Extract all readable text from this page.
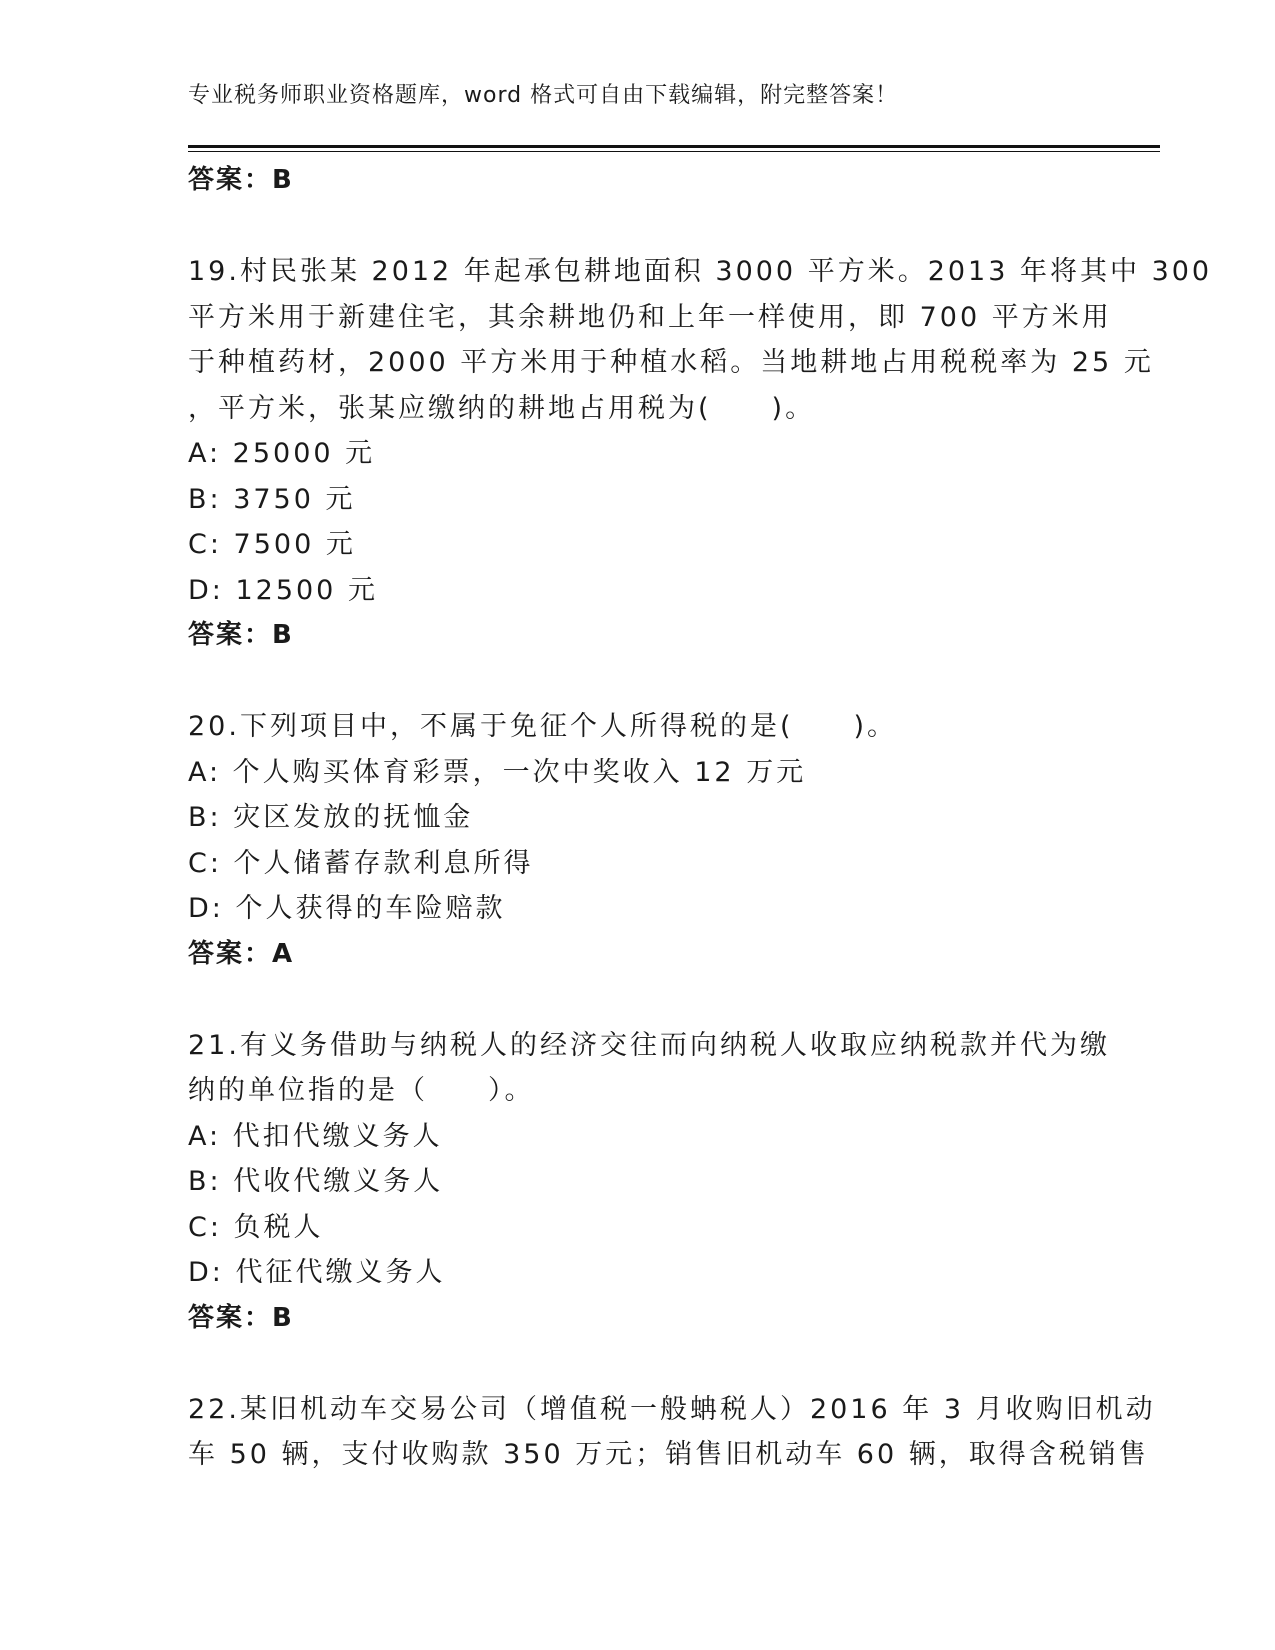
专业税务师职业资格题库，word 格式可自由下载编辑，附完整答案！
答案：B
19.村民张某 2012 年起承包耕地面积 3000 平方米。2013 年将其中 300
平方米用于新建住宅，其余耕地仍和上年一样使用，即 700 平方米用
于种植药材，2000 平方米用于种植水稻。当地耕地占用税税率为 25 元
，平方米，张某应缴纳的耕地占用税为(　　)。
A: 25000 元
B: 3750 元
C: 7500 元
D: 12500 元
答案：B
20.下列项目中，不属于免征个人所得税的是(　　)。
A: 个人购买体育彩票，一次中奖收入 12 万元
B: 灾区发放的抚恤金
C: 个人储蓄存款利息所得
D: 个人获得的车险赔款
答案：A
21.有义务借助与纳税人的经济交往而向纳税人收取应纳税款并代为缴
纳的单位指的是（　　）。
A: 代扣代缴义务人
B: 代收代缴义务人
C: 负税人
D: 代征代缴义务人
答案：B
22.某旧机动车交易公司（增值税一般蚺税人）2016 年 3 月收购旧机动
车 50 辆，支付收购款 350 万元；销售旧机动车 60 辆，取得含税销售
